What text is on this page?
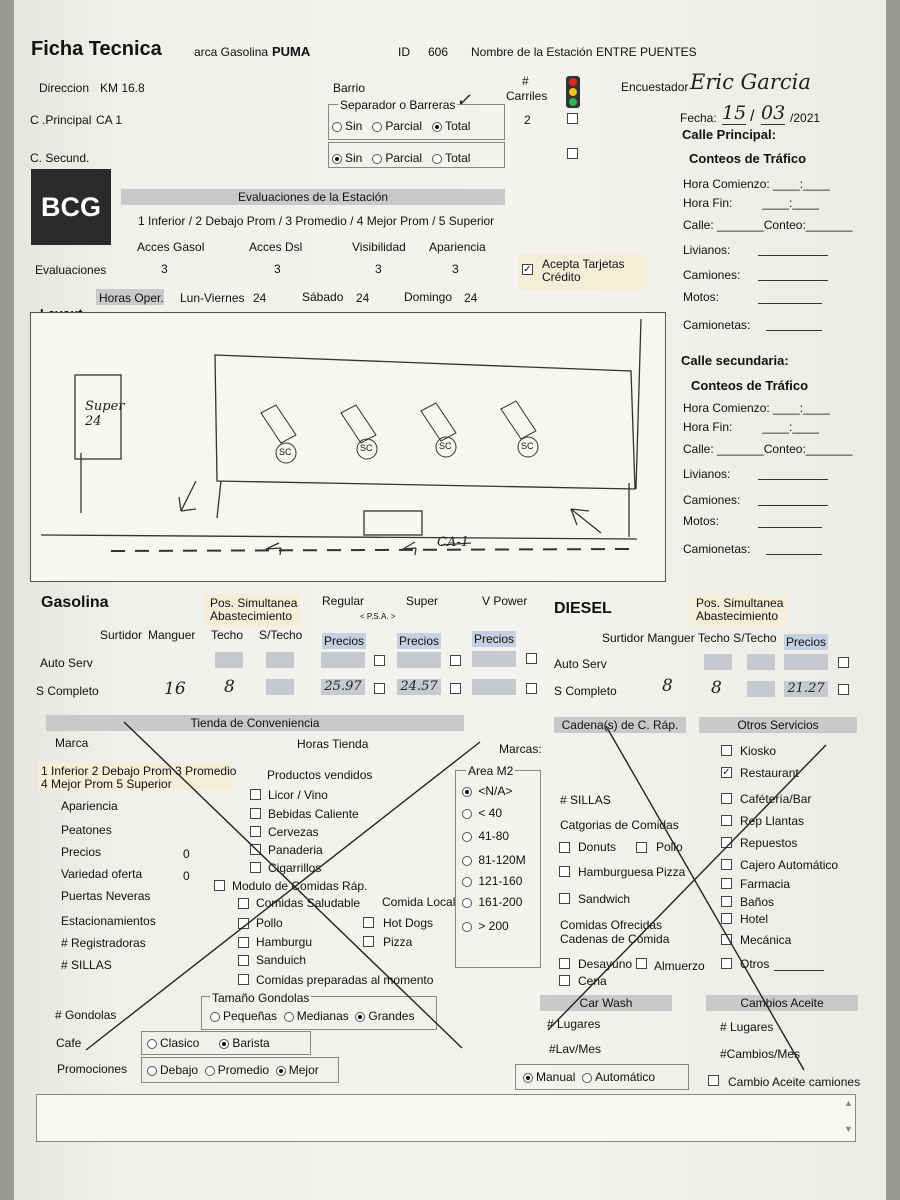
Ficha Tecnica	arca Gasolina PUMA	ID 606 Nombre de la Estación ENTRE PUENTES
Direccion KM 16.8
C .Principal CA 1
C. Secund.
Barrio
Separador o Barreras ✓
Sin Parcial Total
Sin Parcial Total
#
Carriles
2
Encuestador Eric Garcia
Fecha: 15 / 03 /2021
BCG	Evaluaciones de la Estación
1 Inferior / 2 Debajo Prom / 3 Promedio / 4 Mejor Prom / 5 Superior
Acces Gasol	Acces Dsl	Visibilidad Apariencia
Evaluaciones	3	3	3	3
✓	Acepta Tarjetas Crédito
Horas Oper. Lun-Viernes 24	Sábado 24	Domingo 24
Calle Principal:
Conteos de Tráfico
Hora Comienzo: ____:____
Hora Fin:         ____:____
Calle: _______Conteo:_______
Livianos:
Camiones:
Motos:
Camionetas:
Calle secundaria:
Conteos de Tráfico
Hora Comienzo: ____:____
Hora Fin:         ____:____
Calle: _______Conteo:_______
Livianos:
Camiones:
Motos:
Camionetas:
Super 24
SC	SC	SC	SC
CA-1
Gasolina	Pos. Simultanea Abastecimiento
Regular
< P.S.A. >
Super	V Power
Surtidor Manguer Techo S/Techo Precios	Precios	Precios
Auto Serv
S Completo	16 8	25.97	24.57
DIESEL	Pos. Simultanea Abastecimiento
Surtidor Manguer Techo S/Techo Precios
Auto Serv
S Completo	8 8	21.27
Tienda de Conveniencia
Marca	Horas Tienda
1 Inferior 2 Debajo Prom 3 Promedio
4 Mejor Prom 5 Superior
Apariencia
Peatones
Precios	0
Variedad oferta	0
Puertas Neveras
Estacionamientos
# Registradoras
# SILLAS
Productos vendidos
Licor / Vino
Bebidas Caliente
Cervezas
Panaderia
Cigarrillos
Modulo de Comidas Ráp.
Comida Local
Comidas Saludable
Pollo	Hot Dogs
Hamburgu	Pizza
Sanduich
Comidas preparadas al momento
Marcas:
Area M2
<N/A>
< 40
41-80
81-120M
121-160
161-200
> 200
# Gondolas
Tamaño Gondolas
Pequeñas Medianas Grandes
Cafe	Clasico	Barista
Promociones	Debajo Promedio Mejor
Cadena(s) de C. Ráp.
# SILLAS
Catgorias de Comidas
Donuts	Pollo
Hamburguesa Pizza
Sandwich
Comidas Ofrecidas
Cadenas de Comida
Desayuno Almuerzo
Cena
Car Wash
# Lugares
#Lav/Mes
Manual Automático
Otros Servicios
Kiosko
✓
Restaurant
Cafétería/Bar
Rep Llantas
Repuestos
Cajero Automático
Farmacia
Baños
Hotel
Mecánica
Otros
Cambios Aceite
# Lugares
#Cambios/Mes
Cambio Aceite camiones
▲
▼
